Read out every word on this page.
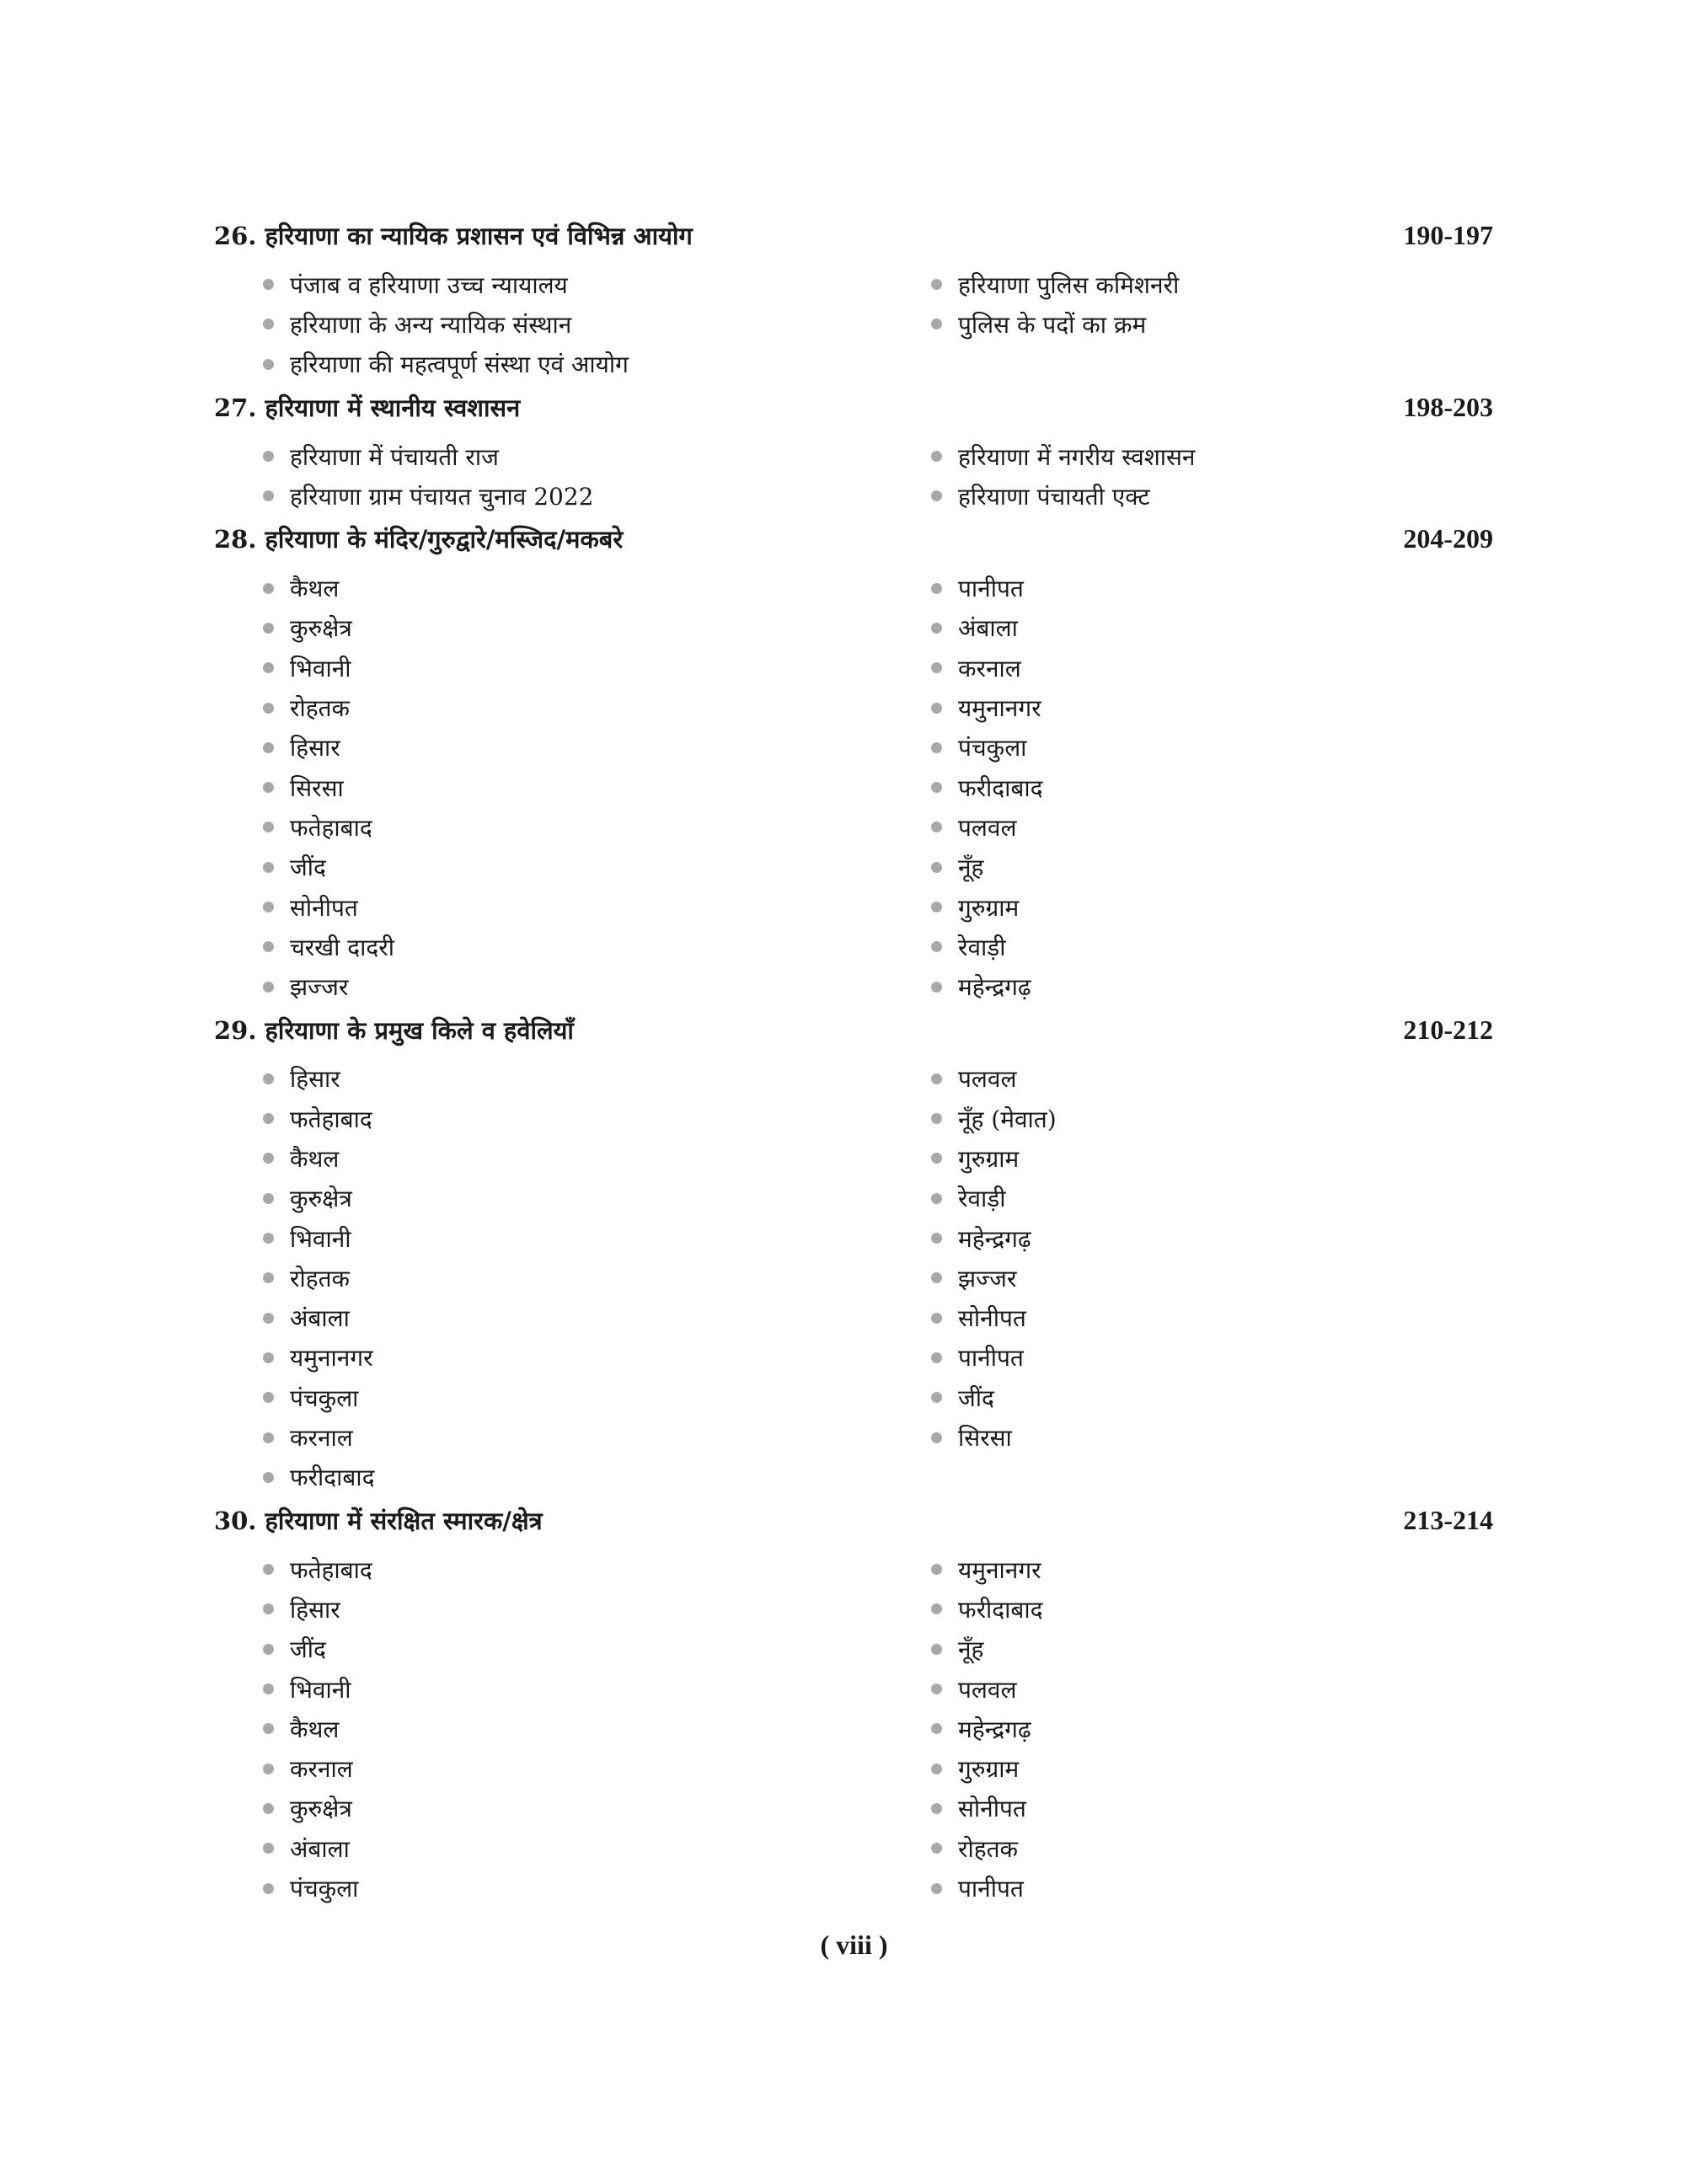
26. हरियाणा का न्यायिक प्रशासन एवं विभिन्न आयोग	190-197
पंजाब व हरियाणा उच्च न्यायालय	हरियाणा पुलिस कमिशनरी
हरियाणा के अन्य न्यायिक संस्थान	पुलिस के पदों का क्रम
हरियाणा की महत्वपूर्ण संस्था एवं आयोग
27. हरियाणा में स्थानीय स्वशासन	198-203
हरियाणा में पंचायती राज	हरियाणा में नगरीय स्वशासन
हरियाणा ग्राम पंचायत चुनाव 2022	हरियाणा पंचायती एक्ट
28. हरियाणा के मंदिर/गुरुद्वारे/मस्जिद/मकबरे	204-209
कैथल	पानीपत
कुरुक्षेत्र	अंबाला
भिवानी	करनाल
रोहतक	यमुनानगर
हिसार	पंचकुला
सिरसा	फरीदाबाद
फतेहाबाद	पलवल
जींद	नूँह
सोनीपत	गुरुग्राम
चरखी दादरी	रेवाड़ी
झज्जर	महेन्द्रगढ़
29. हरियाणा के प्रमुख किले व हवेलियाँ	210-212
हिसार	पलवल
फतेहाबाद	नूँह (मेवात)
कैथल	गुरुग्राम
कुरुक्षेत्र	रेवाड़ी
भिवानी	महेन्द्रगढ़
रोहतक	झज्जर
अंबाला	सोनीपत
यमुनानगर	पानीपत
पंचकुला	जींद
करनाल	सिरसा
फरीदाबाद
30. हरियाणा में संरक्षित स्मारक/क्षेत्र	213-214
फतेहाबाद	यमुनानगर
हिसार	फरीदाबाद
जींद	नूँह
भिवानी	पलवल
कैथल	महेन्द्रगढ़
करनाल	गुरुग्राम
कुरुक्षेत्र	सोनीपत
अंबाला	रोहतक
पंचकुला	पानीपत
( viii )
